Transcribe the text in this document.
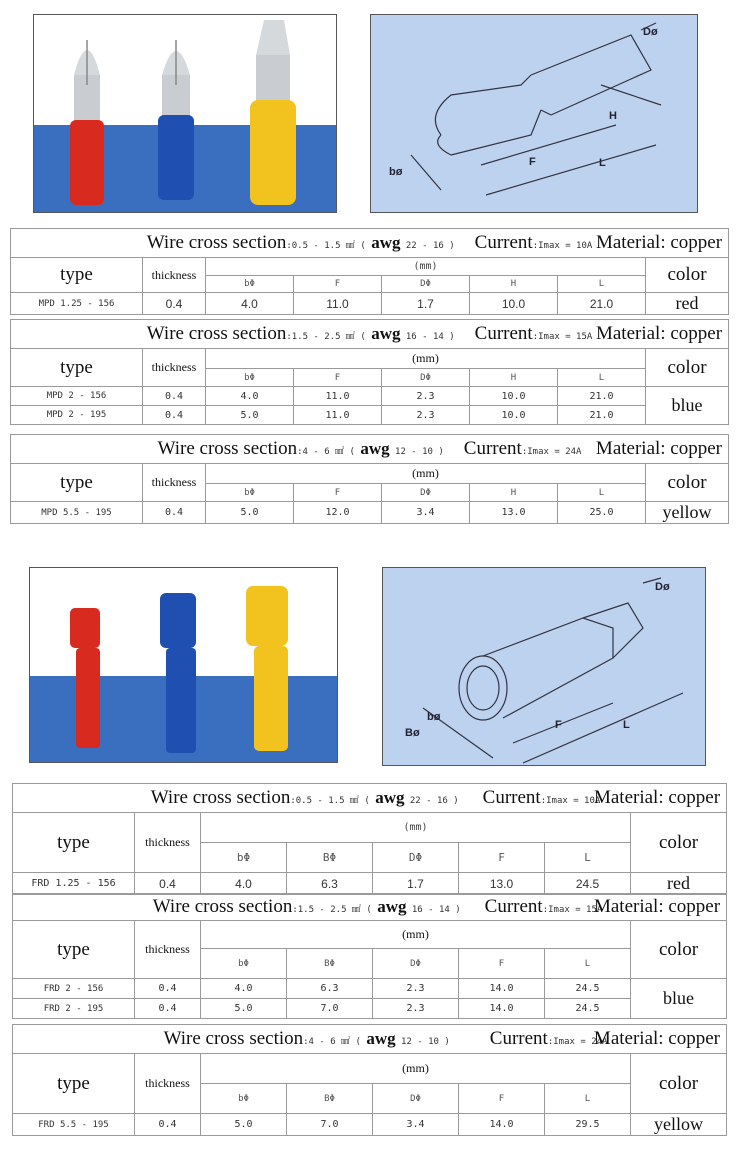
Dø
H
F	L
bø
Wire cross section:0.5 - 1.5 ㎟ ( awg 22 - 16 ) Current:Imax = 10A Material: copper							

type	thickness	(mm)					color
		bΦ	F	DΦ	H	L	
MPD 1.25 - 156	0.4	4.0	11.0	1.7	10.0	21.0	red
Wire cross section:1.5 - 2.5 ㎟ ( awg 16 - 14 ) Current:Imax = 15A Material: copper							

type	thickness	(mm)					color
		bΦ	F	DΦ	H	L	
MPD 2 - 156	0.4	4.0	11.0	2.3	10.0	21.0	blue
MPD 2 - 195	0.4	5.0	11.0	2.3	10.0	21.0	
Wire cross section:4 - 6 ㎟ ( awg 12 - 10 ) Current:Imax = 24A Material: copper							

type	thickness	(mm)					color
		bΦ	F	DΦ	H	L	
MPD 5.5 - 195	0.4	5.0	12.0	3.4	13.0	25.0	yellow
Dø
F	L
bø
Bø
Wire cross section:0.5 - 1.5 ㎟ ( awg 22 - 16 ) Current:Imax = 10A
Material: copper							

type	thickness	(mm)					color
		bΦ	BΦ	DΦ	F	L	
FRD 1.25 - 156	0.4	4.0	6.3	1.7	13.0	24.5	red
Wire cross section:1.5 - 2.5 ㎟ ( awg 16 - 14 ) Current:Imax = 15A
Material: copper							

type	thickness	(mm)					color
		bΦ	BΦ	DΦ	F	L	
FRD 2 - 156	0.4	4.0	6.3	2.3	14.0	24.5	blue
FRD 2 - 195	0.4	5.0	7.0	2.3	14.0	24.5	
Wire cross section:4 - 6 ㎟ ( awg 12 - 10 ) Current:Imax = 24A
Material: copper							

type	thickness	(mm)					color
		bΦ	BΦ	DΦ	F	L	
FRD 5.5 - 195	0.4	5.0	7.0	3.4	14.0	29.5	yellow
